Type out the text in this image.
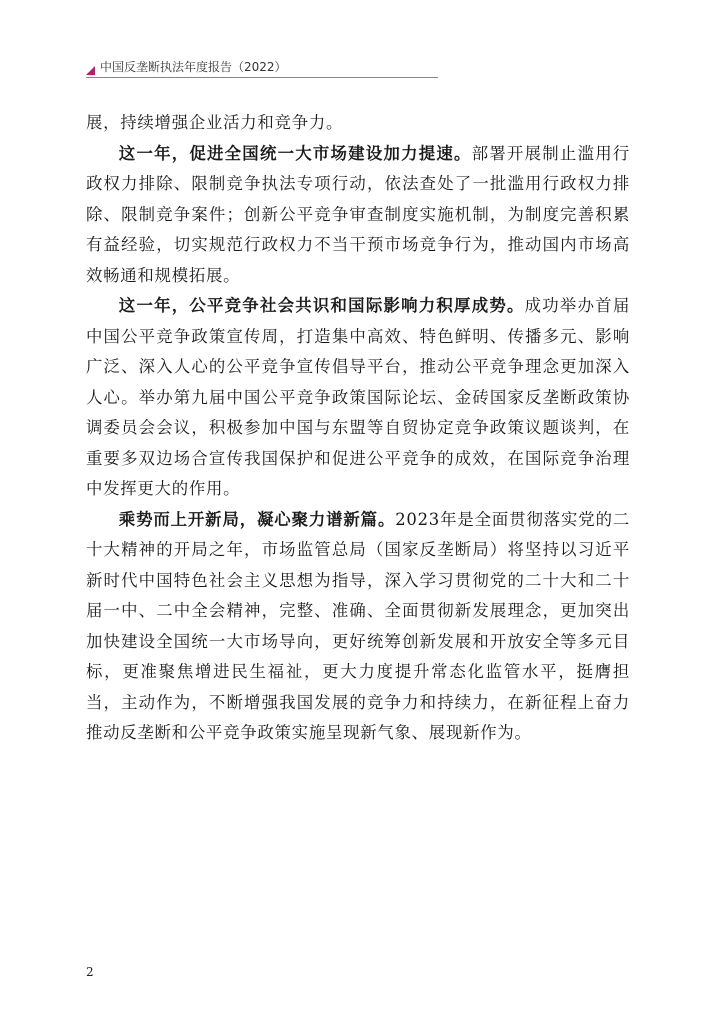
中国反垄断执法年度报告（2022）

展，持续增强企业活力和竞争力。

这一年，促进全国统一大市场建设加力提速。部署开展制止滥用行政权力排除、限制竞争执法专项行动，依法查处了一批滥用行政权力排除、限制竞争案件；创新公平竞争审查制度实施机制，为制度完善积累有益经验，切实规范行政权力不当干预市场竞争行为，推动国内市场高效畅通和规模拓展。

这一年，公平竞争社会共识和国际影响力积厚成势。成功举办首届中国公平竞争政策宣传周，打造集中高效、特色鲜明、传播多元、影响广泛、深入人心的公平竞争宣传倡导平台，推动公平竞争理念更加深入人心。举办第九届中国公平竞争政策国际论坛、金砖国家反垄断政策协调委员会会议，积极参加中国与东盟等自贸协定竞争政策议题谈判，在重要多双边场合宣传我国保护和促进公平竞争的成效，在国际竞争治理中发挥更大的作用。

乘势而上开新局，凝心聚力谱新篇。2023年是全面贯彻落实党的二十大精神的开局之年，市场监管总局（国家反垄断局）将坚持以习近平新时代中国特色社会主义思想为指导，深入学习贯彻党的二十大和二十届一中、二中全会精神，完整、准确、全面贯彻新发展理念，更加突出加快建设全国统一大市场导向，更好统筹创新发展和开放安全等多元目标，更准聚焦增进民生福祉，更大力度提升常态化监管水平，挺膺担当，主动作为，不断增强我国发展的竞争力和持续力，在新征程上奋力推动反垄断和公平竞争政策实施呈现新气象、展现新作为。

2
